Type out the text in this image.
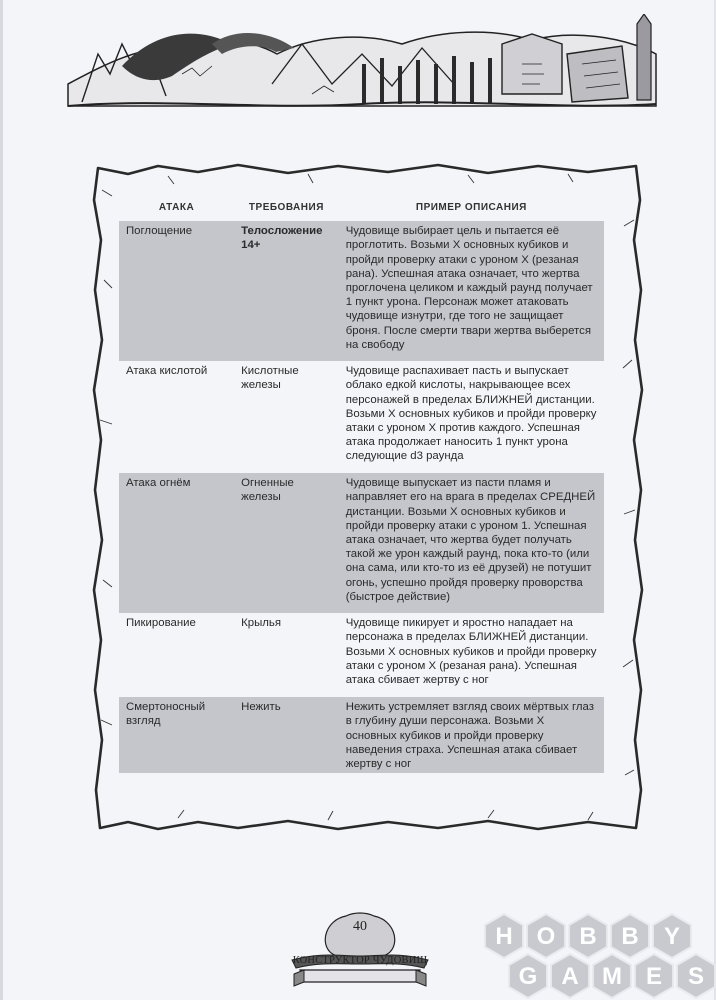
АТАКА	ТРЕБОВАНИЯ	ПРИМЕР ОПИСАНИЯ
Поглощение	Телосложение 14+	Чудовище выбирает цель и пытается её проглотить. Возьми X основных кубиков и пройди проверку атаки с уроном X (резаная рана). Успешная атака означает, что жертва проглочена целиком и каждый раунд получает 1 пункт урона. Персонаж может атаковать чудовище изнутри, где того не защищает броня. После смерти твари жертва выберется на свободу
Атака кислотой	Кислотные железы	Чудовище распахивает пасть и выпускает облако едкой кислоты, накрывающее всех персонажей в пределах БЛИЖНЕЙ дистанции. Возьми X основных кубиков и пройди проверку атаки с уроном X против каждого. Успешная атака продолжает наносить 1 пункт урона следующие d3 раунда
Атака огнём	Огненные железы	Чудовище выпускает из пасти пламя и направляет его на врага в пределах СРЕДНЕЙ дистанции. Возьми X основных кубиков и пройди проверку атаки с уроном 1. Успешная атака означает, что жертва будет получать такой же урон каждый раунд, пока кто-то (или она сама, или кто-то из её друзей) не потушит огонь, успешно пройдя проверку проворства (быстрое действие)
Пикирование	Крылья	Чудовище пикирует и яростно нападает на персонажа в пределах БЛИЖНЕЙ дистанции. Возьми X основных кубиков и пройди проверку атаки с уроном X (резаная рана). Успешная атака сбивает жертву с ног
Смертоносный взгляд	Нежить	Нежить устремляет взгляд своих мёртвых глаз в глубину души персонажа. Возьми X основных кубиков и пройди проверку наведения страха. Успешная атака сбивает жертву с ног
40
КОНСТРУКТОР ЧУДОВИЩ
H O B B Y
G A M E S
